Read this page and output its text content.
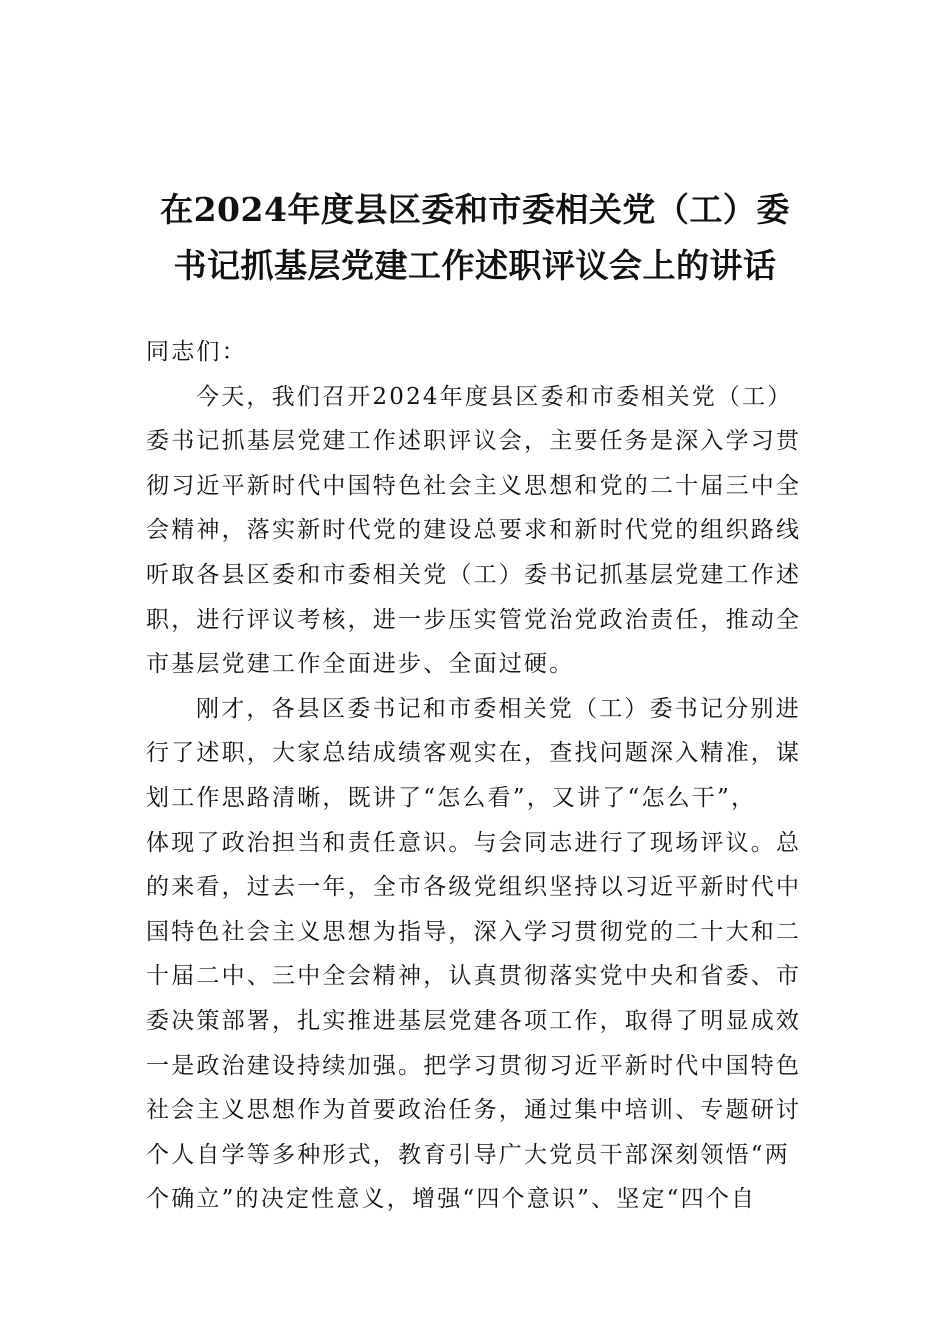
在2024年度县区委和市委相关党（工）委
书记抓基层党建工作述职评议会上的讲话
同志们：

今天，我们召开2024年度县区委和市委相关党（工）
委书记抓基层党建工作述职评议会，主要任务是深入学习贯
彻习近平新时代中国特色社会主义思想和党的二十届三中全
会精神，落实新时代党的建设总要求和新时代党的组织路线
听取各县区委和市委相关党（工）委书记抓基层党建工作述
职，进行评议考核，进一步压实管党治党政治责任，推动全
市基层党建工作全面进步、全面过硬。

刚才，各县区委书记和市委相关党（工）委书记分别进
行了述职，大家总结成绩客观实在，查找问题深入精准，谋
划工作思路清晰，既讲了“怎么看”，又讲了“怎么干”，
体现了政治担当和责任意识。与会同志进行了现场评议。总
的来看，过去一年，全市各级党组织坚持以习近平新时代中
国特色社会主义思想为指导，深入学习贯彻党的二十大和二
十届二中、三中全会精神，认真贯彻落实党中央和省委、市
委决策部署，扎实推进基层党建各项工作，取得了明显成效
一是政治建设持续加强。把学习贯彻习近平新时代中国特色
社会主义思想作为首要政治任务，通过集中培训、专题研讨
个人自学等多种形式，教育引导广大党员干部深刻领悟“两
个确立”的决定性意义，增强“四个意识”、坚定“四个自
